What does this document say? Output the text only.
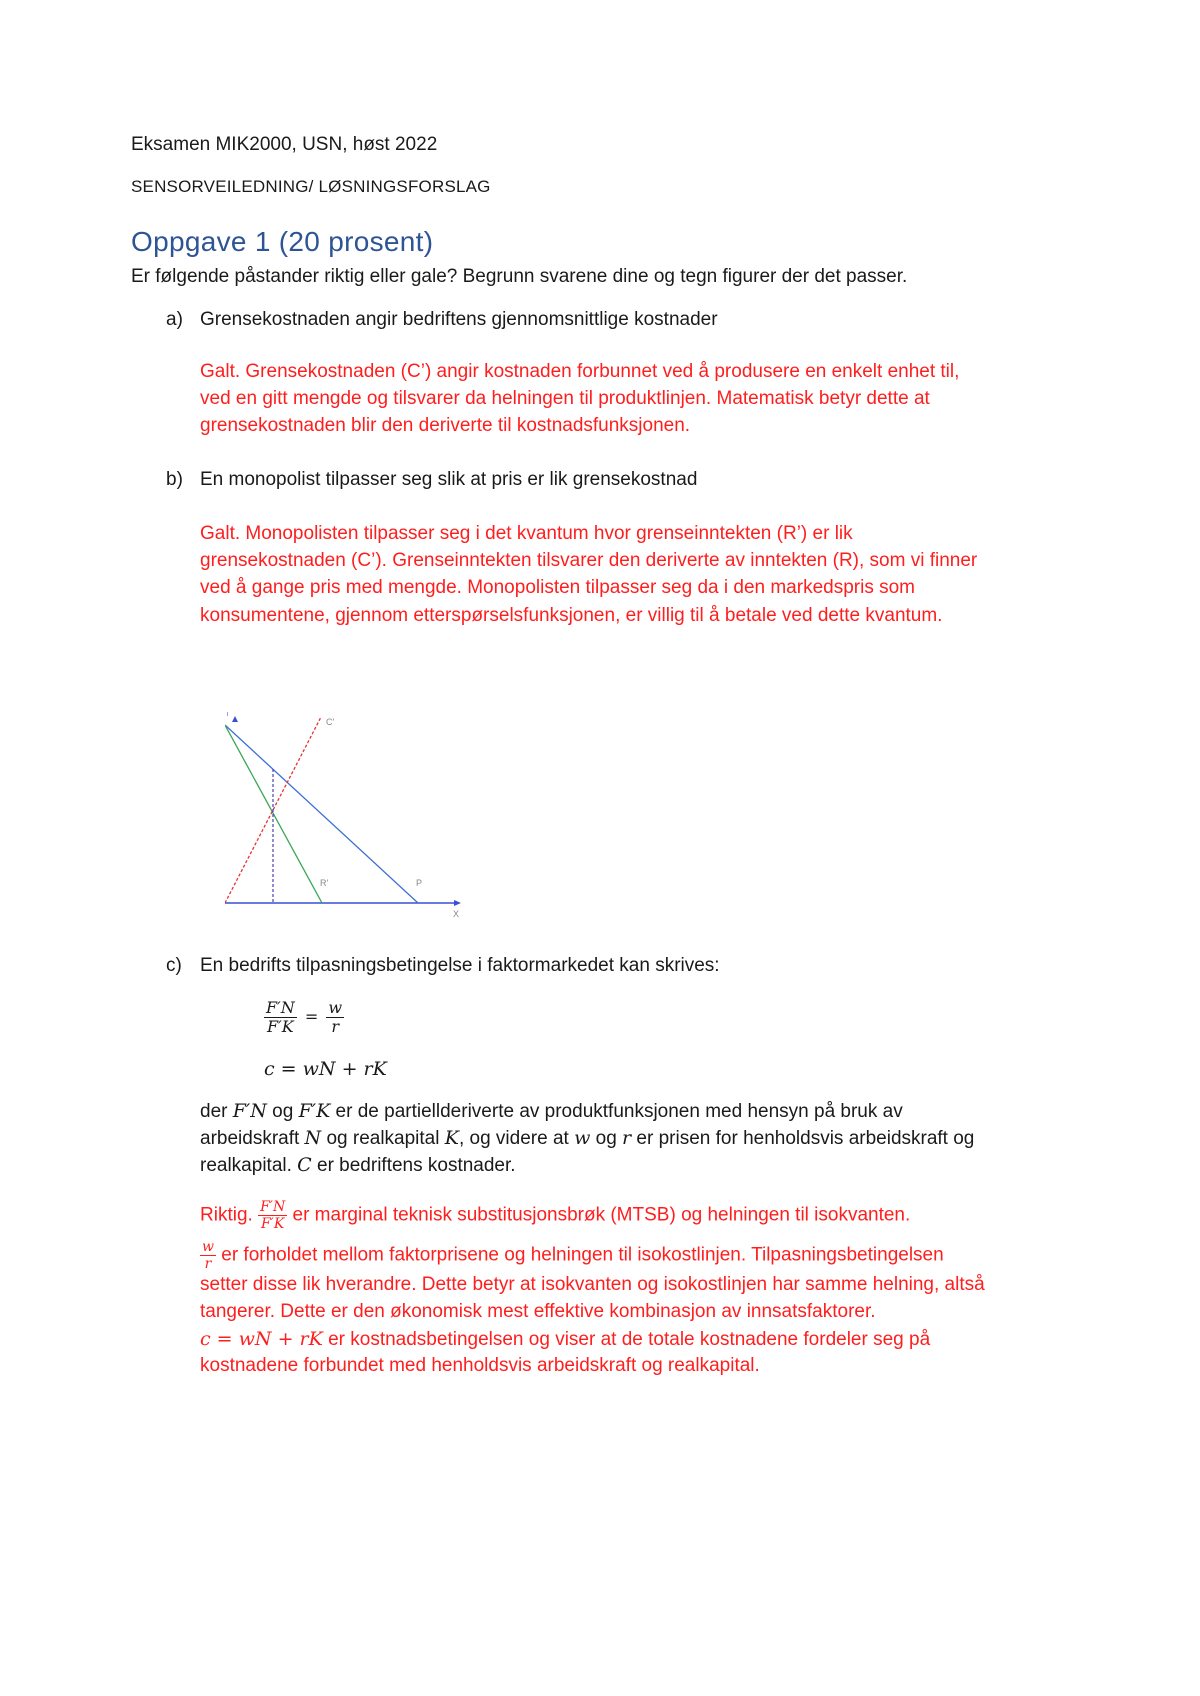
Eksamen MIK2000, USN, høst 2022
SENSORVEILEDNING/ LØSNINGSFORSLAG
Oppgave 1 (20 prosent)
Er følgende påstander riktig eller gale? Begrunn svarene dine og tegn figurer der det passer.
a) Grensekostnaden angir bedriftens gjennomsnittlige kostnader
Galt. Grensekostnaden (C’) angir kostnaden forbunnet ved å produsere en enkelt enhet til,
ved en gitt mengde og tilsvarer da helningen til produktlinjen. Matematisk betyr dette at
grensekostnaden blir den deriverte til kostnadsfunksjonen.
b) En monopolist tilpasser seg slik at pris er lik grensekostnad
Galt. Monopolisten tilpasser seg i det kvantum hvor grenseinntekten (R’) er lik
grensekostnaden (C’). Grenseinntekten tilsvarer den deriverte av inntekten (R), som vi finner
ved å gange pris med mengde. Monopolisten tilpasser seg da i den markedspris som
konsumentene, gjennom etterspørselsfunksjonen, er villig til å betale ved dette kvantum.
C′
R′	P
X
c) En bedrifts tilpasningsbetingelse i faktormarkedet kan skrives:
$\frac{F'N}{F'K} = \frac{w}{r}$
c = wN + rK
der F′N og F′K er de partiellderiverte av produktfunksjonen med hensyn på bruk av
arbeidskraft N og realkapital K, og videre at w og r er prisen for henholdsvis arbeidskraft og
realkapital. C er bedriftens kostnader.
Riktig. $\frac{F'N}{F'K}$ er marginal teknisk substitusjonsbrøk (MTSB) og helningen til isokvanten.
$\frac{w}{r}$ er forholdet mellom faktorprisene og helningen til isokostlinjen. Tilpasningsbetingelsen
setter disse lik hverandre. Dette betyr at isokvanten og isokostlinjen har samme helning, altså
tangerer. Dette er den økonomisk mest effektive kombinasjon av innsatsfaktorer.
c = wN + rK er kostnadsbetingelsen og viser at de totale kostnadene fordeler seg på
kostnadene forbundet med henholdsvis arbeidskraft og realkapital.
